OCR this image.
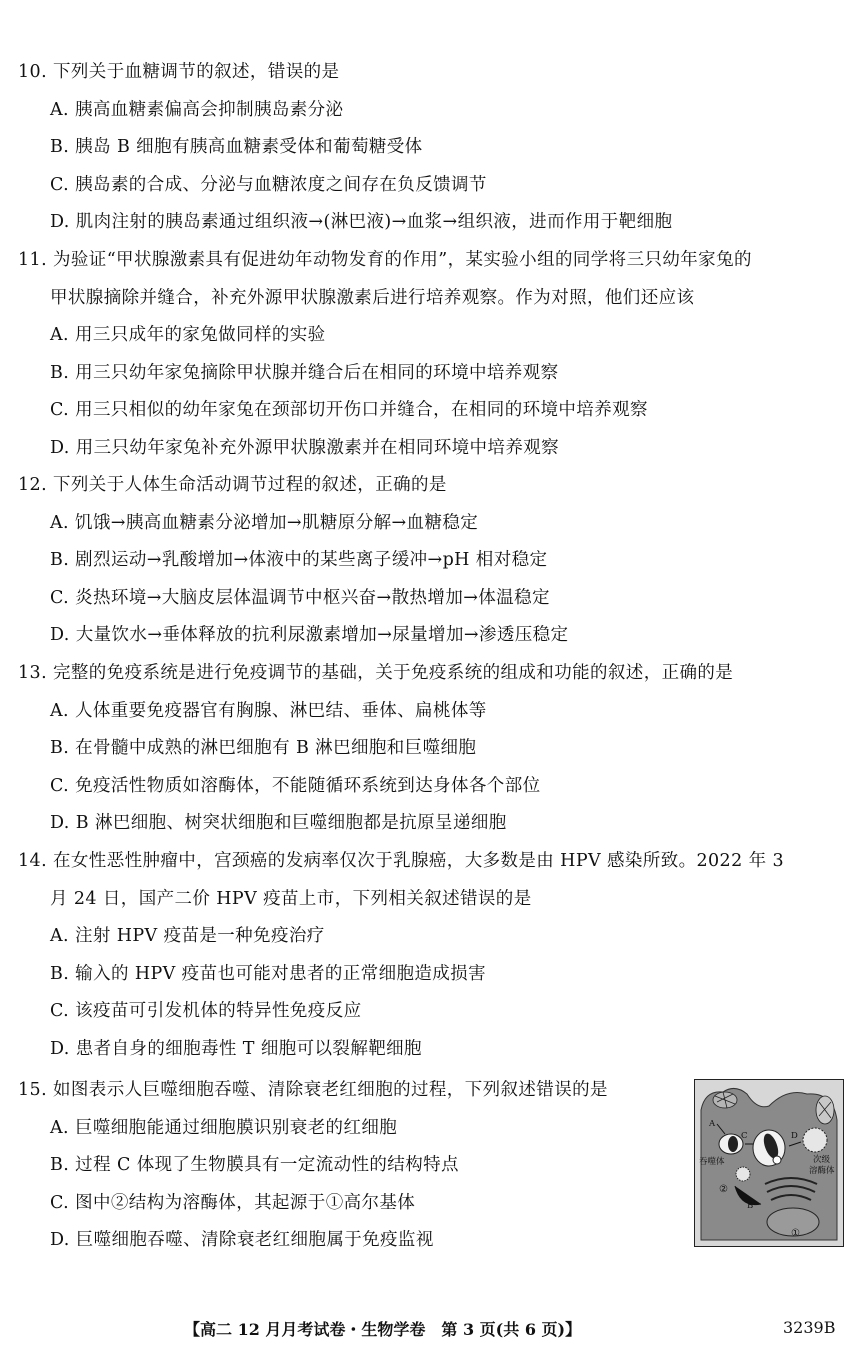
10. 下列关于血糖调节的叙述，错误的是
A. 胰高血糖素偏高会抑制胰岛素分泌
B. 胰岛 B 细胞有胰高血糖素受体和葡萄糖受体
C. 胰岛素的合成、分泌与血糖浓度之间存在负反馈调节
D. 肌肉注射的胰岛素通过组织液→(淋巴液)→血浆→组织液，进而作用于靶细胞
11. 为验证“甲状腺激素具有促进幼年动物发育的作用”，某实验小组的同学将三只幼年家兔的
甲状腺摘除并缝合，补充外源甲状腺激素后进行培养观察。作为对照，他们还应该
A. 用三只成年的家兔做同样的实验
B. 用三只幼年家兔摘除甲状腺并缝合后在相同的环境中培养观察
C. 用三只相似的幼年家兔在颈部切开伤口并缝合，在相同的环境中培养观察
D. 用三只幼年家兔补充外源甲状腺激素并在相同环境中培养观察
12. 下列关于人体生命活动调节过程的叙述，正确的是
A. 饥饿→胰高血糖素分泌增加→肌糖原分解→血糖稳定
B. 剧烈运动→乳酸增加→体液中的某些离子缓冲→pH 相对稳定
C. 炎热环境→大脑皮层体温调节中枢兴奋→散热增加→体温稳定
D. 大量饮水→垂体释放的抗利尿激素增加→尿量增加→渗透压稳定
13. 完整的免疫系统是进行免疫调节的基础，关于免疫系统的组成和功能的叙述，正确的是
A. 人体重要免疫器官有胸腺、淋巴结、垂体、扁桃体等
B. 在骨髓中成熟的淋巴细胞有 B 淋巴细胞和巨噬细胞
C. 免疫活性物质如溶酶体，不能随循环系统到达身体各个部位
D. B 淋巴细胞、树突状细胞和巨噬细胞都是抗原呈递细胞
14. 在女性恶性肿瘤中，宫颈癌的发病率仅次于乳腺癌，大多数是由 HPV 感染所致。2022 年 3
月 24 日，国产二价 HPV 疫苗上市，下列相关叙述错误的是
A. 注射 HPV 疫苗是一种免疫治疗
B. 输入的 HPV 疫苗也可能对患者的正常细胞造成损害
C. 该疫苗可引发机体的特异性免疫反应
D. 患者自身的细胞毒性 T 细胞可以裂解靶细胞
15. 如图表示人巨噬细胞吞噬、清除衰老红细胞的过程，下列叙述错误的是
A. 巨噬细胞能通过细胞膜识别衰老的红细胞
B. 过程 C 体现了生物膜具有一定流动性的结构特点
C. 图中②结构为溶酶体，其起源于①高尔基体
D. 巨噬细胞吞噬、清除衰老红细胞属于免疫监视
A
C	D
B
吞噬体	次级
溶酶体
②
①
【高二 12 月月考试卷・生物学卷　第 3 页(共 6 页)】	3239B
